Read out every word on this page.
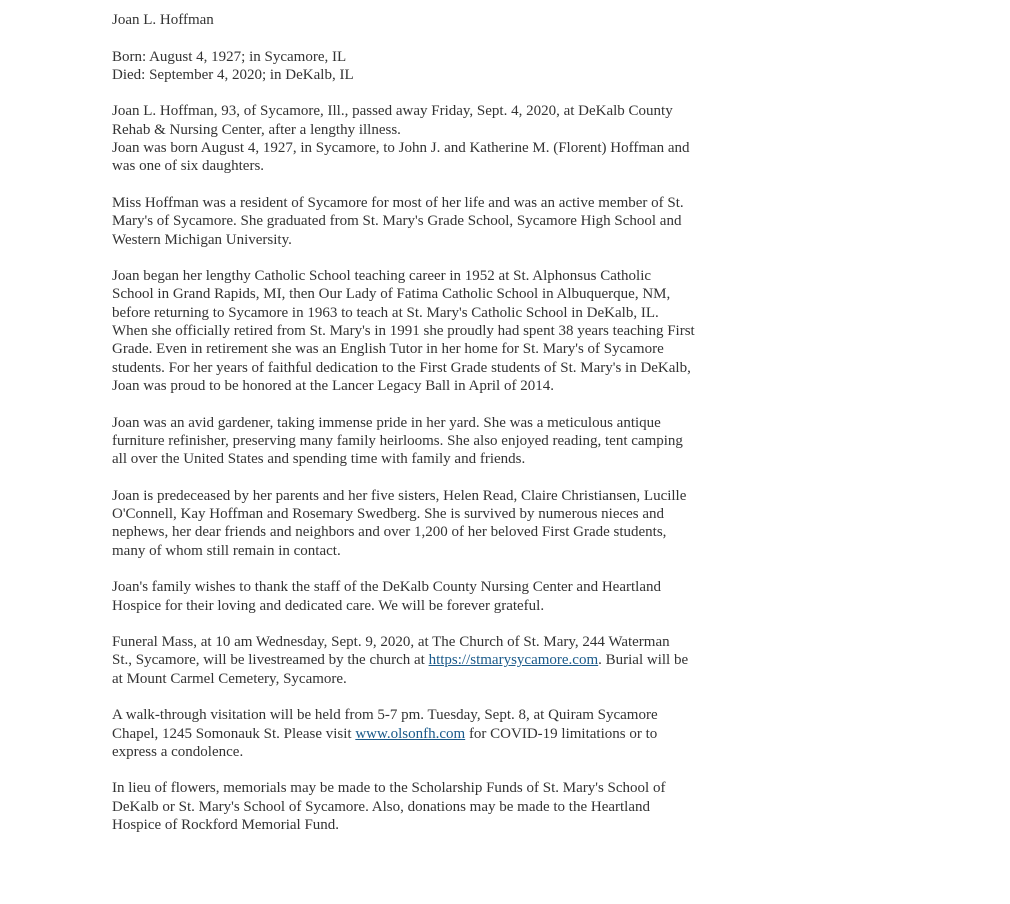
Joan L. Hoffman

Born: August 4, 1927; in Sycamore, IL
Died: September 4, 2020; in DeKalb, IL

Joan L. Hoffman, 93, of Sycamore, Ill., passed away Friday, Sept. 4, 2020, at DeKalb County
Rehab & Nursing Center, after a lengthy illness.
Joan was born August 4, 1927, in Sycamore, to John J. and Katherine M. (Florent) Hoffman and
was one of six daughters.

Miss Hoffman was a resident of Sycamore for most of her life and was an active member of St.
Mary's of Sycamore. She graduated from St. Mary's Grade School, Sycamore High School and
Western Michigan University.

Joan began her lengthy Catholic School teaching career in 1952 at St. Alphonsus Catholic
School in Grand Rapids, MI, then Our Lady of Fatima Catholic School in Albuquerque, NM,
before returning to Sycamore in 1963 to teach at St. Mary's Catholic School in DeKalb, IL.
When she officially retired from St. Mary's in 1991 she proudly had spent 38 years teaching First
Grade. Even in retirement she was an English Tutor in her home for St. Mary's of Sycamore
students. For her years of faithful dedication to the First Grade students of St. Mary's in DeKalb,
Joan was proud to be honored at the Lancer Legacy Ball in April of 2014.

Joan was an avid gardener, taking immense pride in her yard. She was a meticulous antique
furniture refinisher, preserving many family heirlooms. She also enjoyed reading, tent camping
all over the United States and spending time with family and friends.

Joan is predeceased by her parents and her five sisters, Helen Read, Claire Christiansen, Lucille
O'Connell, Kay Hoffman and Rosemary Swedberg. She is survived by numerous nieces and
nephews, her dear friends and neighbors and over 1,200 of her beloved First Grade students,
many of whom still remain in contact.

Joan's family wishes to thank the staff of the DeKalb County Nursing Center and Heartland
Hospice for their loving and dedicated care. We will be forever grateful.

Funeral Mass, at 10 am Wednesday, Sept. 9, 2020, at The Church of St. Mary, 244 Waterman
St., Sycamore, will be livestreamed by the church at https://stmarysycamore.com. Burial will be
at Mount Carmel Cemetery, Sycamore.

A walk-through visitation will be held from 5-7 pm. Tuesday, Sept. 8, at Quiram Sycamore
Chapel, 1245 Somonauk St. Please visit www.olsonfh.com for COVID-19 limitations or to
express a condolence.

In lieu of flowers, memorials may be made to the Scholarship Funds of St. Mary's School of
DeKalb or St. Mary's School of Sycamore. Also, donations may be made to the Heartland
Hospice of Rockford Memorial Fund.
